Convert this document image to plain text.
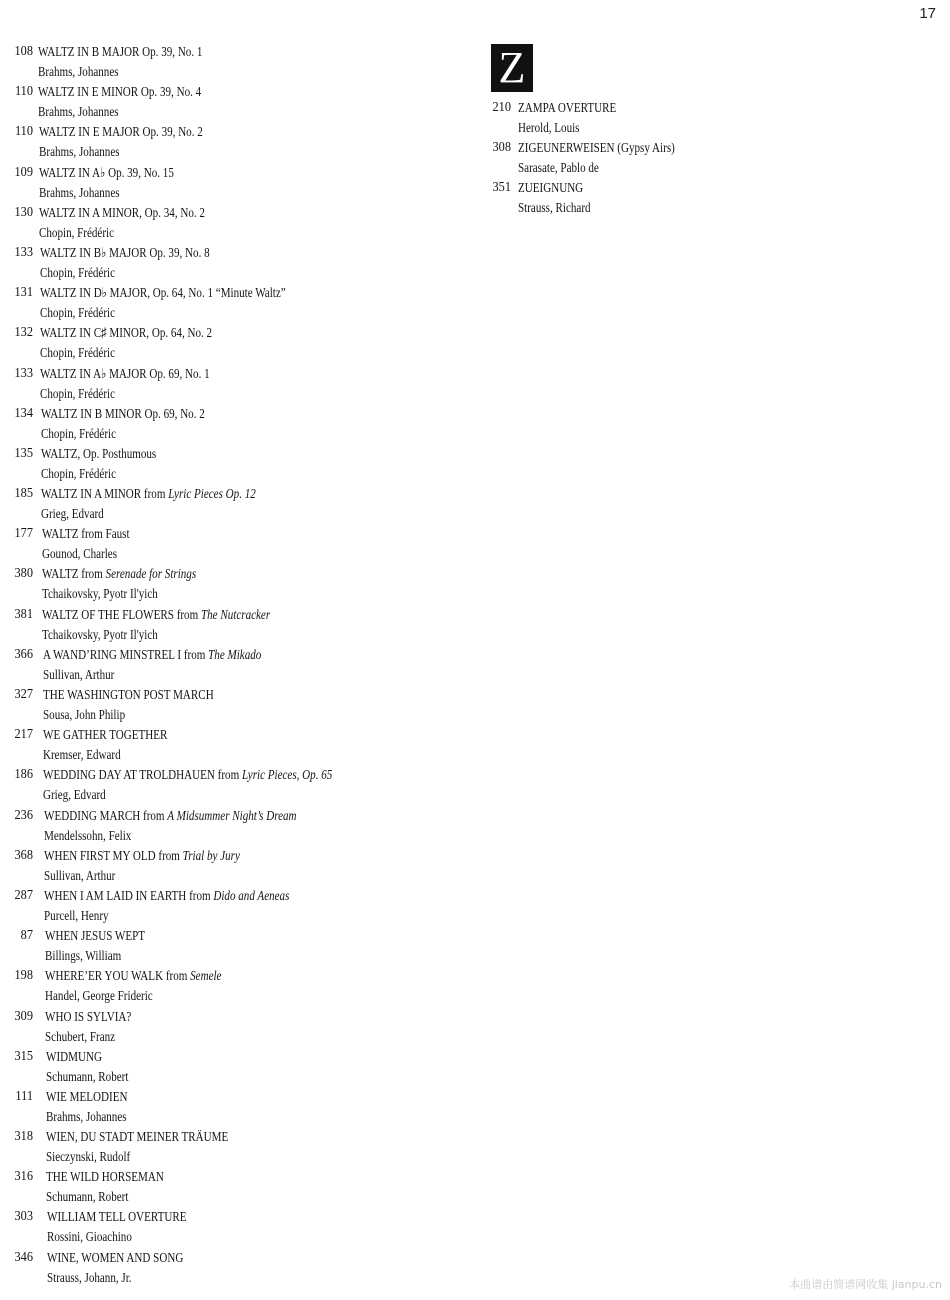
17
Z
108 WALTZ IN B MAJOR Op. 39, No. 1
Brahms, Johannes
110 WALTZ IN E MINOR Op. 39, No. 4
Brahms, Johannes
110 WALTZ IN E MAJOR Op. 39, No. 2
Brahms, Johannes
109 WALTZ IN A♭ Op. 39, No. 15
Brahms, Johannes
130 WALTZ IN A MINOR, Op. 34, No. 2
Chopin, Frédéric
133 WALTZ IN B♭ MAJOR Op. 39, No. 8
Chopin, Frédéric
131 WALTZ IN D♭ MAJOR, Op. 64, No. 1 “Minute Waltz”
Chopin, Frédéric
132 WALTZ IN C♯ MINOR, Op. 64, No. 2
Chopin, Frédéric
133 WALTZ IN A♭ MAJOR Op. 69, No. 1
Chopin, Frédéric
134 WALTZ IN B MINOR Op. 69, No. 2
Chopin, Frédéric
135 WALTZ, Op. Posthumous
Chopin, Frédéric
185 WALTZ IN A MINOR from Lyric Pieces Op. 12
Grieg, Edvard
177 WALTZ from Faust
Gounod, Charles
380 WALTZ from Serenade for Strings
Tchaikovsky, Pyotr Il'yich
381 WALTZ OF THE FLOWERS from The Nutcracker
Tchaikovsky, Pyotr Il'yich
366 A WAND’RING MINSTREL I from The Mikado
Sullivan, Arthur
327 THE WASHINGTON POST MARCH
Sousa, John Philip
217 WE GATHER TOGETHER
Kremser, Edward
186 WEDDING DAY AT TROLDHAUEN from Lyric Pieces, Op. 65
Grieg, Edvard
236 WEDDING MARCH from A Midsummer Night’s Dream
Mendelssohn, Felix
368 WHEN FIRST MY OLD from Trial by Jury
Sullivan, Arthur
287 WHEN I AM LAID IN EARTH from Dido and Aeneas
Purcell, Henry
87 WHEN JESUS WEPT
Billings, William
198 WHERE’ER YOU WALK from Semele
Handel, George Frideric
309 WHO IS SYLVIA?
Schubert, Franz
315 WIDMUNG
Schumann, Robert
111 WIE MELODIEN
Brahms, Johannes
318 WIEN, DU STADT MEINER TRÄUME
Sieczynski, Rudolf
316 THE WILD HORSEMAN
Schumann, Robert
303 WILLIAM TELL OVERTURE
Rossini, Gioachino
346 WINE, WOMEN AND SONG
Strauss, Johann, Jr.
210 ZAMPA OVERTURE
Herold, Louis
308 ZIGEUNERWEISEN (Gypsy Airs)
Sarasate, Pablo de
351 ZUEIGNUNG
Strauss, Richard
本曲谱由简谱网收集 jianpu.cn
